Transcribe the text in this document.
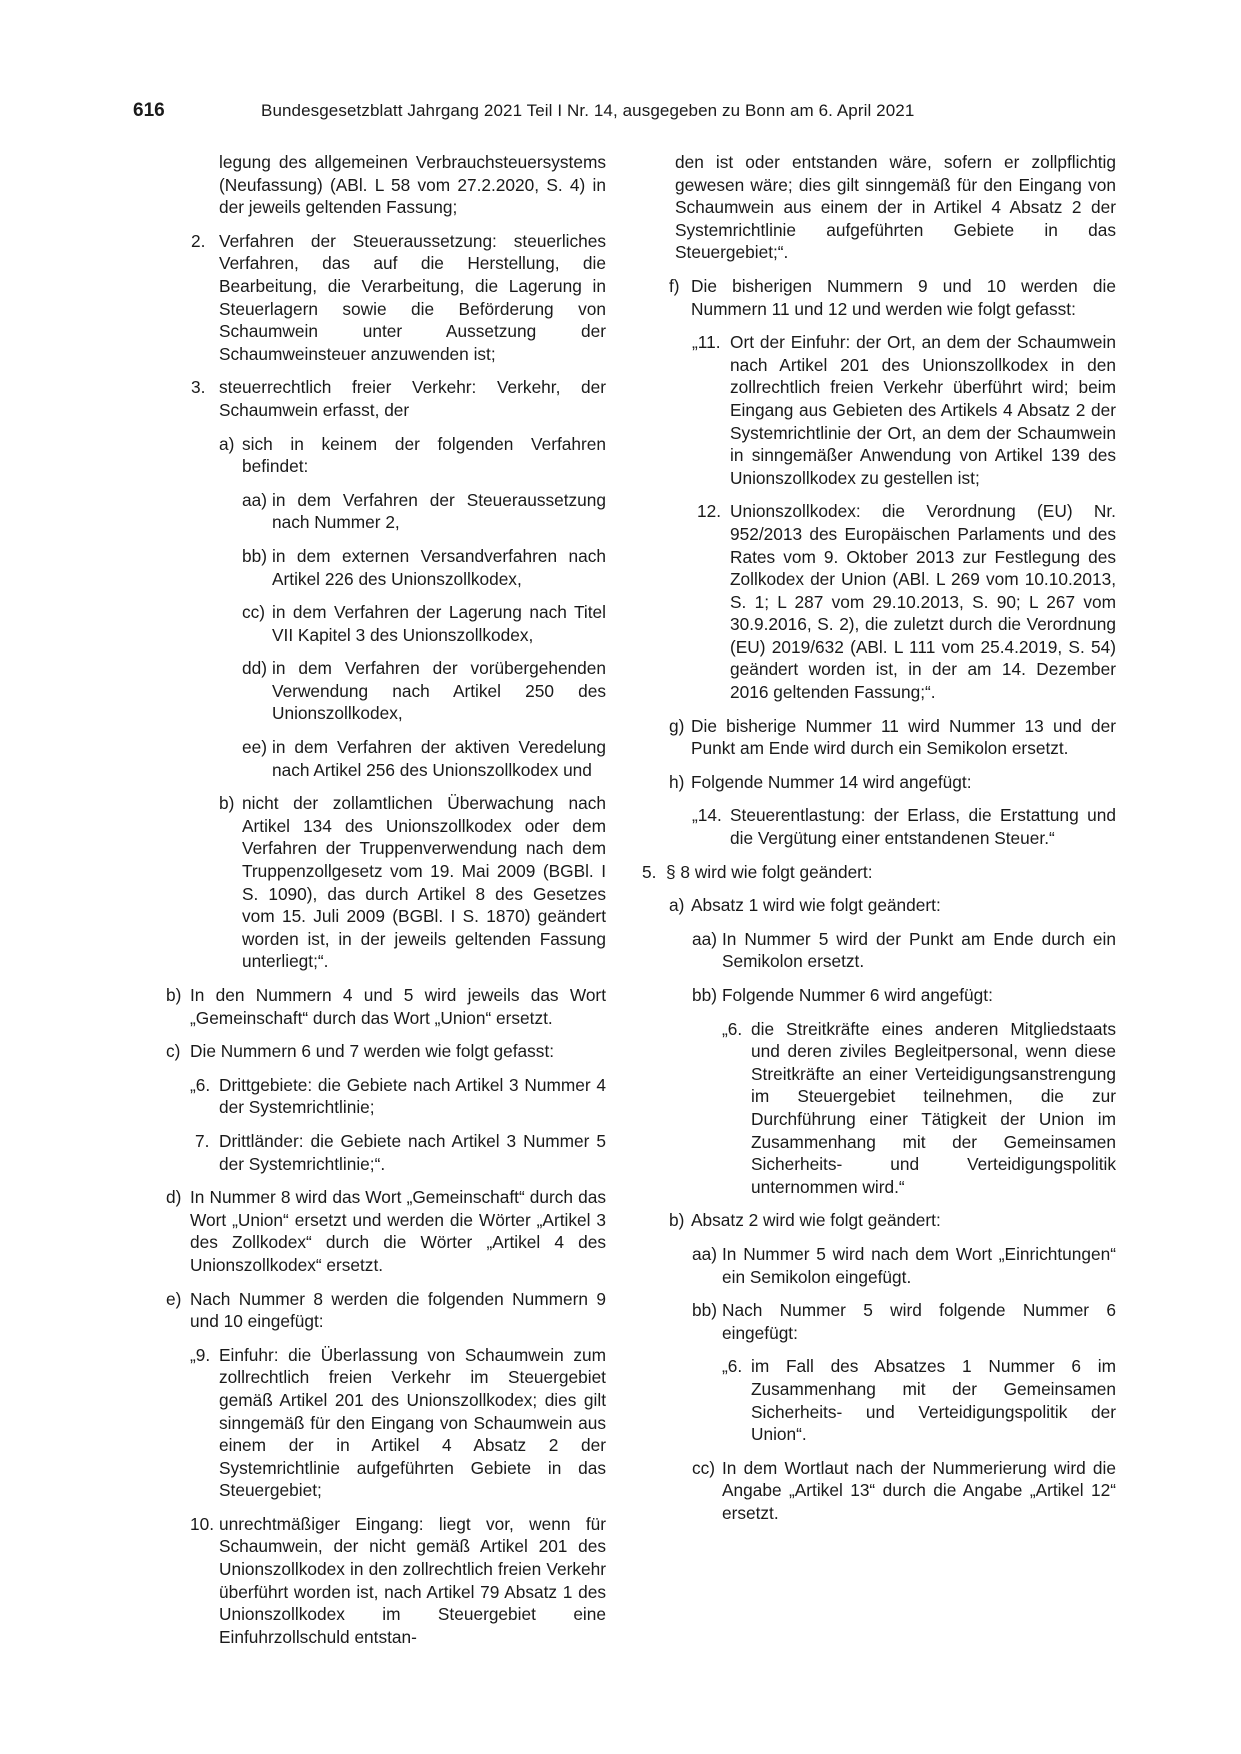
616	Bundesgesetzblatt Jahrgang 2021 Teil I Nr. 14, ausgegeben zu Bonn am 6. April 2021
legung des allgemeinen Verbrauchsteuersystems (Neufassung) (ABl. L 58 vom 27.2.2020, S. 4) in der jeweils geltenden Fassung;
2. Verfahren der Steueraussetzung: steuerliches Verfahren, das auf die Herstellung, die Bearbeitung, die Verarbeitung, die Lagerung in Steuerlagern sowie die Beförderung von Schaumwein unter Aussetzung der Schaumweinsteuer anzuwenden ist;
3. steuerrechtlich freier Verkehr: Verkehr, der Schaumwein erfasst, der
a) sich in keinem der folgenden Verfahren befindet:
aa) in dem Verfahren der Steueraussetzung nach Nummer 2,
bb) in dem externen Versandverfahren nach Artikel 226 des Unionszollkodex,
cc) in dem Verfahren der Lagerung nach Titel VII Kapitel 3 des Unionszollkodex,
dd) in dem Verfahren der vorübergehenden Verwendung nach Artikel 250 des Unionszollkodex,
ee) in dem Verfahren der aktiven Veredelung nach Artikel 256 des Unionszollkodex und
b) nicht der zollamtlichen Überwachung nach Artikel 134 des Unionszollkodex oder dem Verfahren der Truppenverwendung nach dem Truppenzollgesetz vom 19. Mai 2009 (BGBl. I S. 1090), das durch Artikel 8 des Gesetzes vom 15. Juli 2009 (BGBl. I S. 1870) geändert worden ist, in der jeweils geltenden Fassung unterliegt;“.
b) In den Nummern 4 und 5 wird jeweils das Wort „Gemeinschaft“ durch das Wort „Union“ ersetzt.
c) Die Nummern 6 und 7 werden wie folgt gefasst:
„6. Drittgebiete: die Gebiete nach Artikel 3 Nummer 4 der Systemrichtlinie;
7. Drittländer: die Gebiete nach Artikel 3 Nummer 5 der Systemrichtlinie;“.
d) In Nummer 8 wird das Wort „Gemeinschaft“ durch das Wort „Union“ ersetzt und werden die Wörter „Artikel 3 des Zollkodex“ durch die Wörter „Artikel 4 des Unionszollkodex“ ersetzt.
e) Nach Nummer 8 werden die folgenden Nummern 9 und 10 eingefügt:
„9. Einfuhr: die Überlassung von Schaumwein zum zollrechtlich freien Verkehr im Steuergebiet gemäß Artikel 201 des Unionszollkodex; dies gilt sinngemäß für den Eingang von Schaumwein aus einem der in Artikel 4 Absatz 2 der Systemrichtlinie aufgeführten Gebiete in das Steuergebiet;
10. unrechtmäßiger Eingang: liegt vor, wenn für Schaumwein, der nicht gemäß Artikel 201 des Unionszollkodex in den zollrechtlich freien Verkehr überführt worden ist, nach Artikel 79 Absatz 1 des Unionszollkodex im Steuergebiet eine Einfuhrzollschuld entstan-
den ist oder entstanden wäre, sofern er zollpflichtig gewesen wäre; dies gilt sinngemäß für den Eingang von Schaumwein aus einem der in Artikel 4 Absatz 2 der Systemrichtlinie aufgeführten Gebiete in das Steuergebiet;“.
f) Die bisherigen Nummern 9 und 10 werden die Nummern 11 und 12 und werden wie folgt gefasst:
„11. Ort der Einfuhr: der Ort, an dem der Schaumwein nach Artikel 201 des Unionszollkodex in den zollrechtlich freien Verkehr überführt wird; beim Eingang aus Gebieten des Artikels 4 Absatz 2 der Systemrichtlinie der Ort, an dem der Schaumwein in sinngemäßer Anwendung von Artikel 139 des Unionszollkodex zu gestellen ist;
12. Unionszollkodex: die Verordnung (EU) Nr. 952/2013 des Europäischen Parlaments und des Rates vom 9. Oktober 2013 zur Festlegung des Zollkodex der Union (ABl. L 269 vom 10.10.2013, S. 1; L 287 vom 29.10.2013, S. 90; L 267 vom 30.9.2016, S. 2), die zuletzt durch die Verordnung (EU) 2019/632 (ABl. L 111 vom 25.4.2019, S. 54) geändert worden ist, in der am 14. Dezember 2016 geltenden Fassung;“.
g) Die bisherige Nummer 11 wird Nummer 13 und der Punkt am Ende wird durch ein Semikolon ersetzt.
h) Folgende Nummer 14 wird angefügt:
„14. Steuerentlastung: der Erlass, die Erstattung und die Vergütung einer entstandenen Steuer.“
5. § 8 wird wie folgt geändert:
a) Absatz 1 wird wie folgt geändert:
aa) In Nummer 5 wird der Punkt am Ende durch ein Semikolon ersetzt.
bb) Folgende Nummer 6 wird angefügt:
„6. die Streitkräfte eines anderen Mitgliedstaats und deren ziviles Begleitpersonal, wenn diese Streitkräfte an einer Verteidigungsanstrengung im Steuergebiet teilnehmen, die zur Durchführung einer Tätigkeit der Union im Zusammenhang mit der Gemeinsamen Sicherheits- und Verteidigungspolitik unternommen wird.“
b) Absatz 2 wird wie folgt geändert:
aa) In Nummer 5 wird nach dem Wort „Einrichtungen“ ein Semikolon eingefügt.
bb) Nach Nummer 5 wird folgende Nummer 6 eingefügt:
„6. im Fall des Absatzes 1 Nummer 6 im Zusammenhang mit der Gemeinsamen Sicherheits- und Verteidigungspolitik der Union“.
cc) In dem Wortlaut nach der Nummerierung wird die Angabe „Artikel 13“ durch die Angabe „Artikel 12“ ersetzt.
